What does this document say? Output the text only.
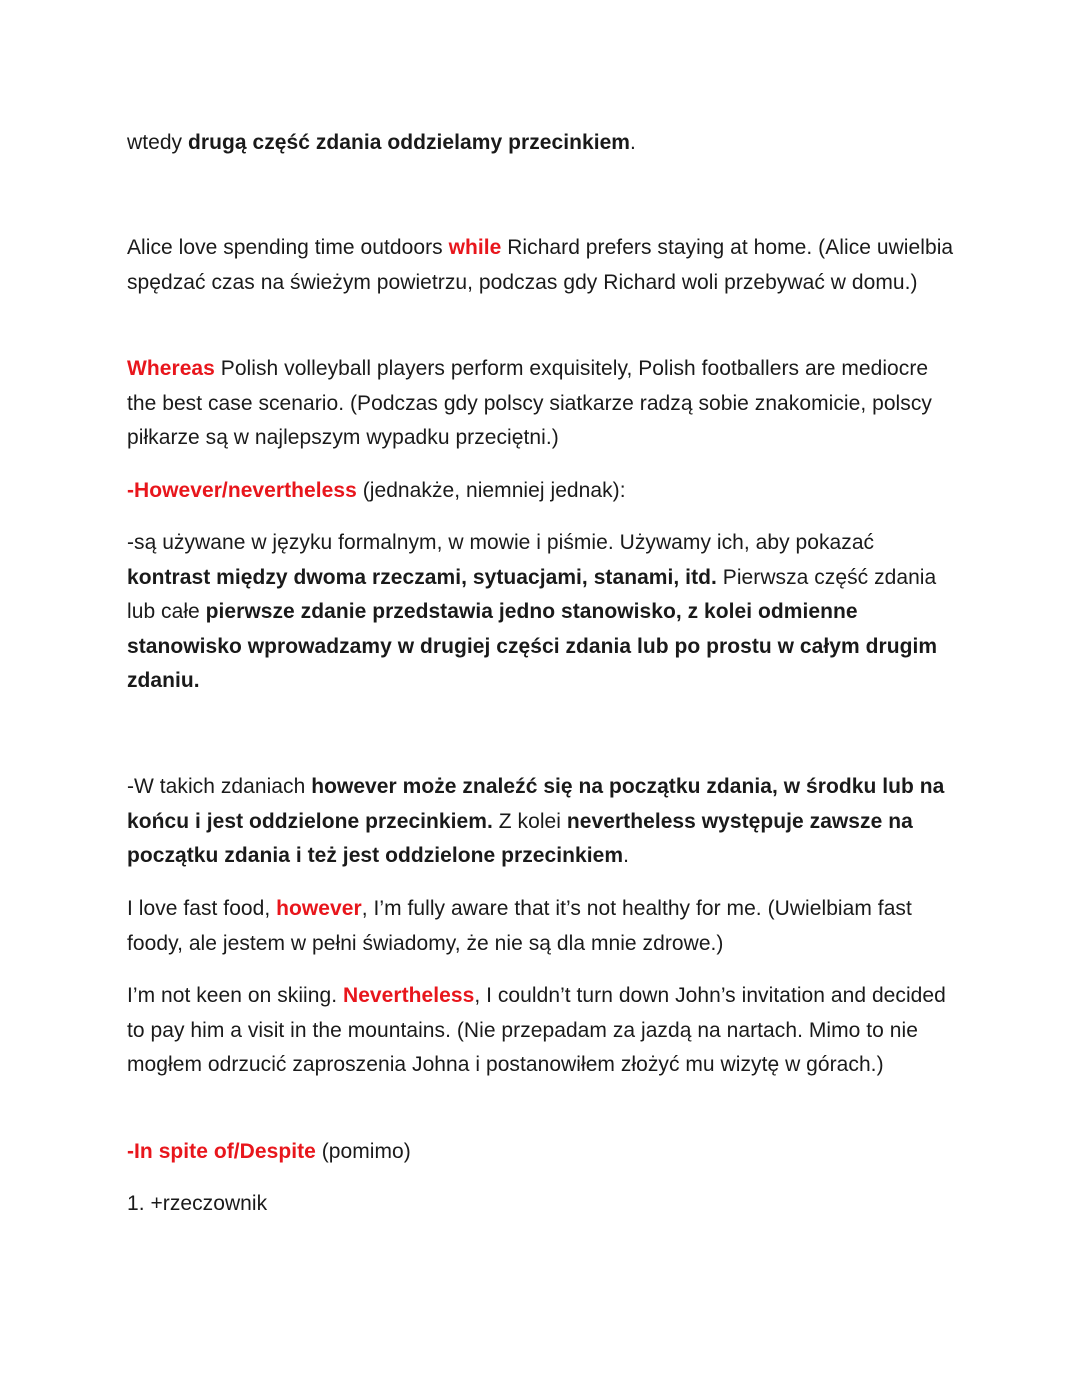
wtedy drugą część zdania oddzielamy przecinkiem.

Alice love spending time outdoors while Richard prefers staying at home. (Alice uwielbia spędzać czas na świeżym powietrzu, podczas gdy Richard woli przebywać w domu.)

Whereas Polish volleyball players perform exquisitely, Polish footballers are mediocre the best case scenario. (Podczas gdy polscy siatkarze radzą sobie znakomicie, polscy piłkarze są w najlepszym wypadku przeciętni.)

-However/nevertheless (jednakże, niemniej jednak):

-są używane w języku formalnym, w mowie i piśmie. Używamy ich, aby pokazać kontrast między dwoma rzeczami, sytuacjami, stanami, itd. Pierwsza część zdania lub całe pierwsze zdanie przedstawia jedno stanowisko, z kolei odmienne stanowisko wprowadzamy w drugiej części zdania lub po prostu w całym drugim zdaniu.

-W takich zdaniach however może znaleźć się na początku zdania, w środku lub na końcu i jest oddzielone przecinkiem. Z kolei nevertheless występuje zawsze na początku zdania i też jest oddzielone przecinkiem.

I love fast food, however, I’m fully aware that it’s not healthy for me. (Uwielbiam fast foody, ale jestem w pełni świadomy, że nie są dla mnie zdrowe.)

I’m not keen on skiing. Nevertheless, I couldn’t turn down John’s invitation and decided to pay him a visit in the mountains. (Nie przepadam za jazdą na nartach. Mimo to nie mogłem odrzucić zaproszenia Johna i postanowiłem złożyć mu wizytę w górach.)

-In spite of/Despite (pomimo)

1. +rzeczownik
